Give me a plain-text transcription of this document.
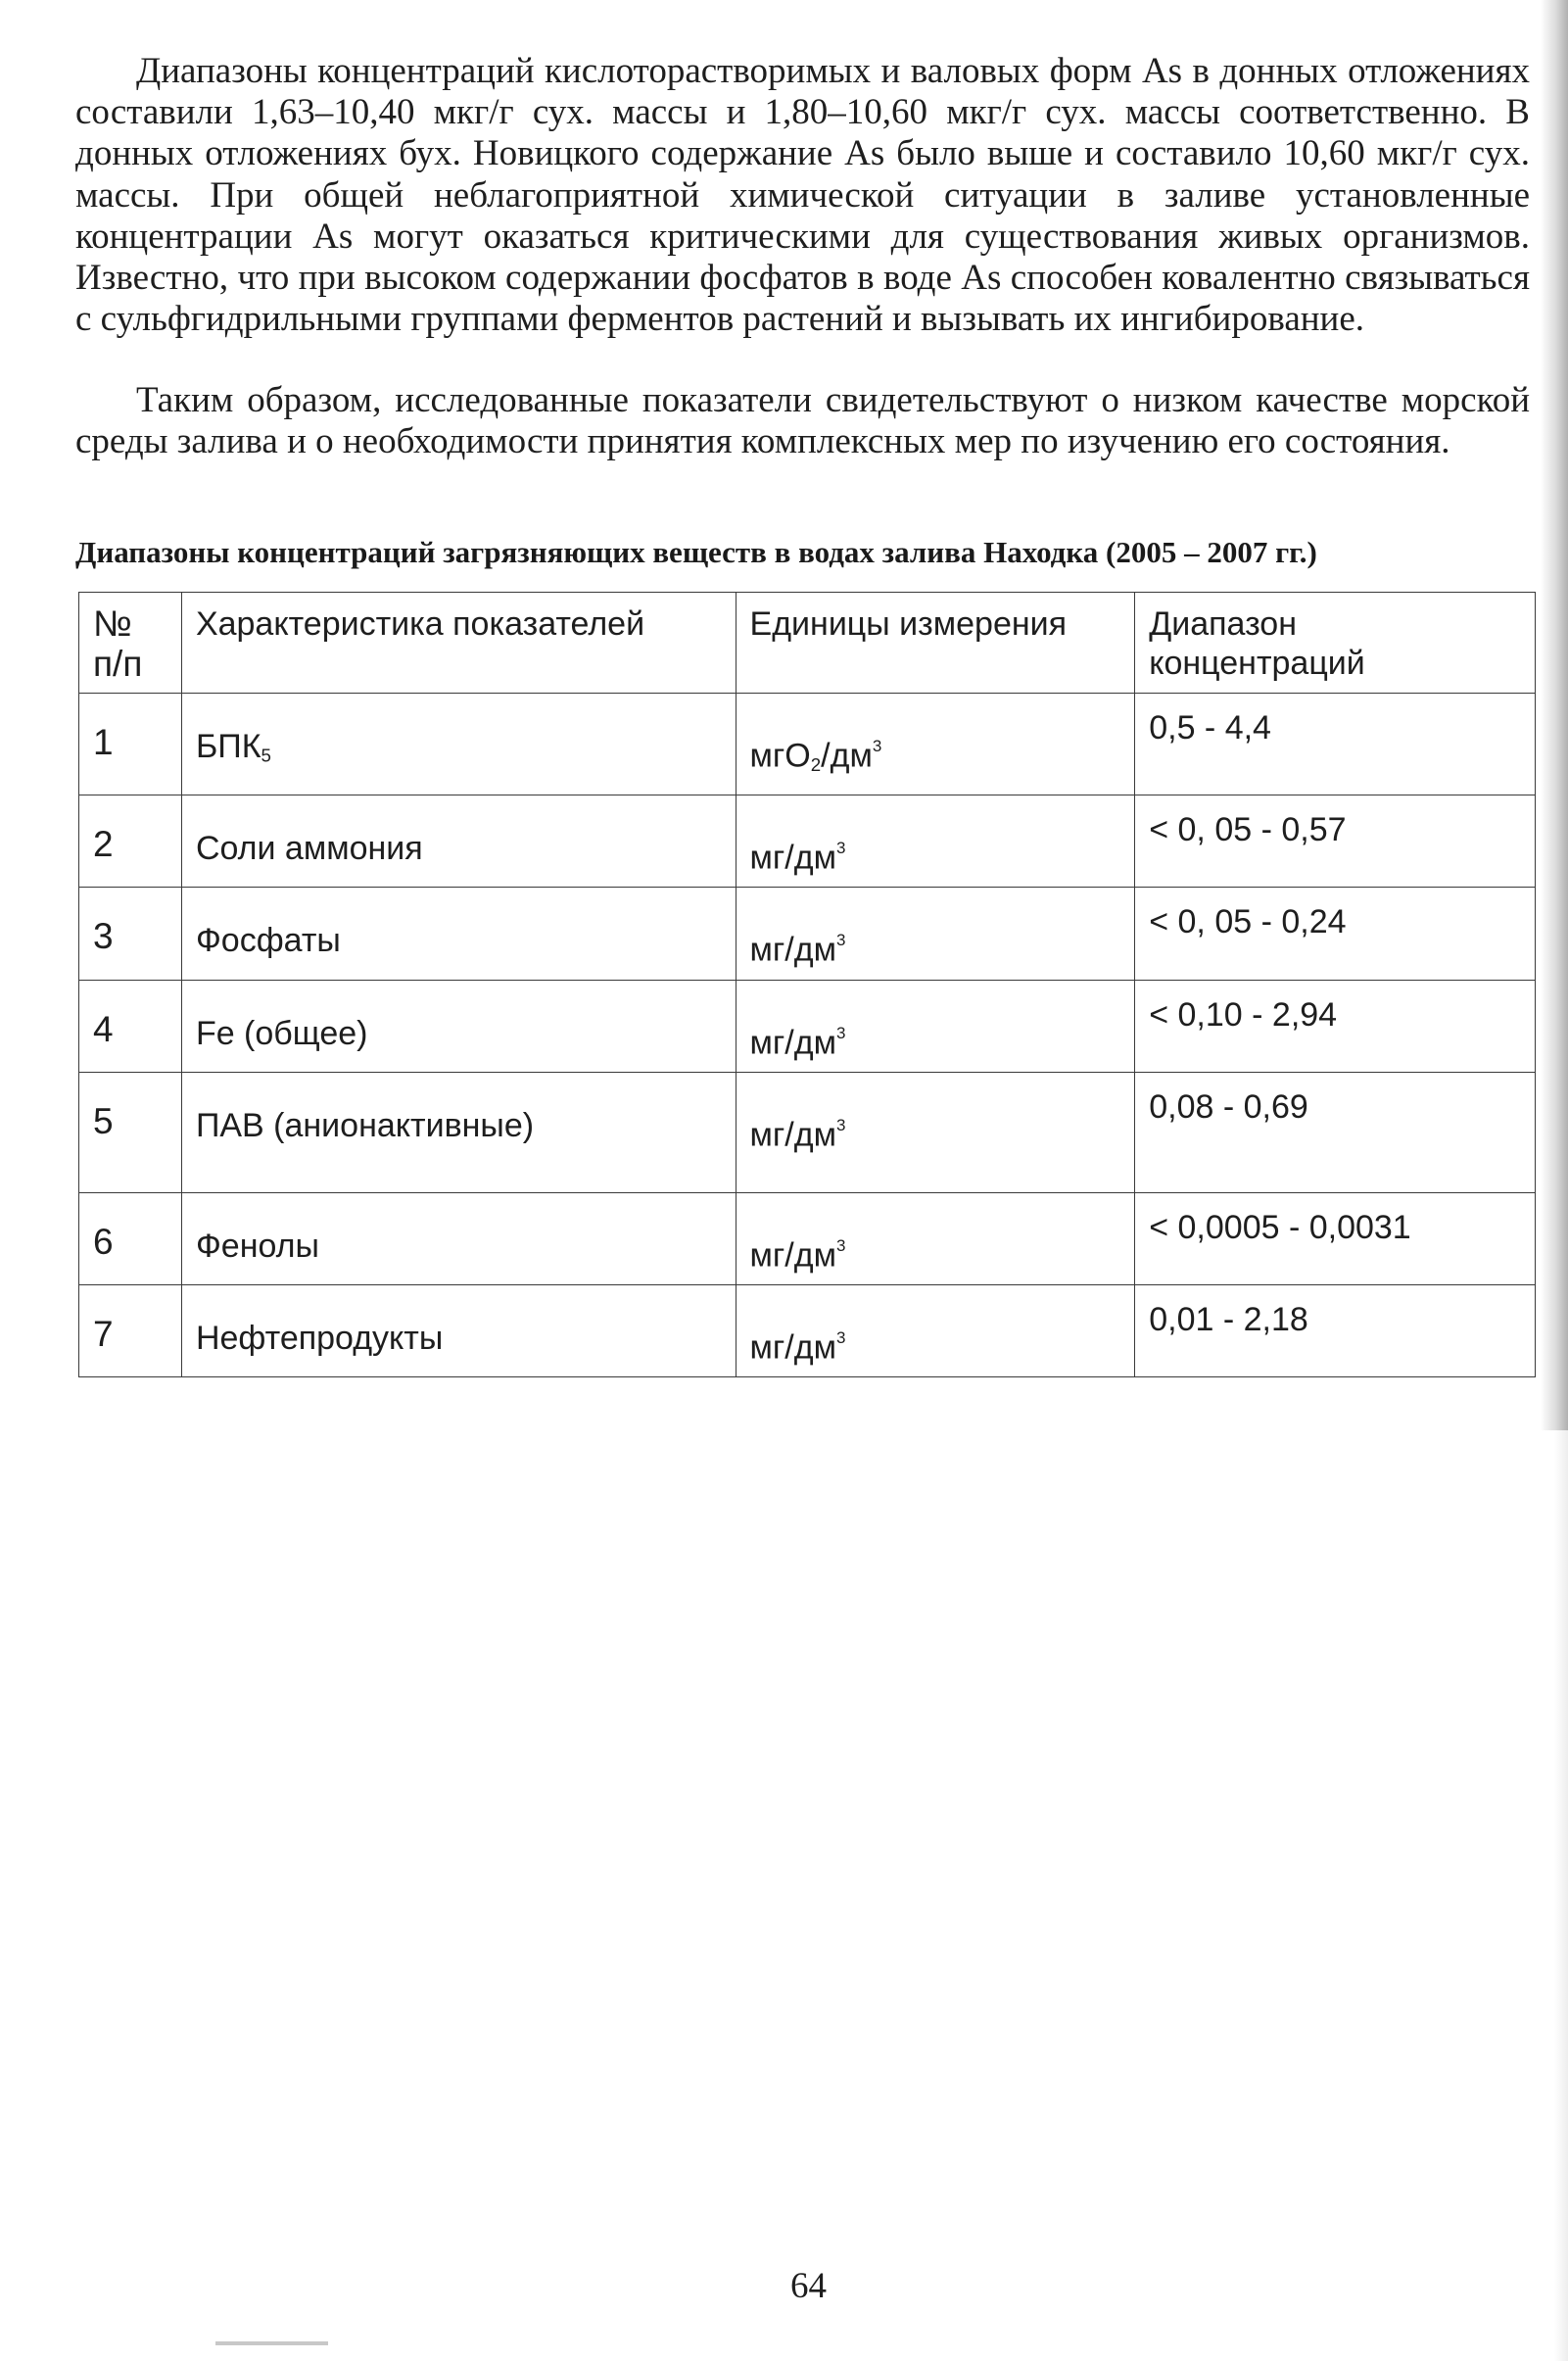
Диапазоны концентраций кислоторастворимых и валовых форм As в донных отложениях составили 1,63–10,40 мкг/г сух. массы и 1,80–10,60 мкг/г сух. массы соответственно. В донных отложениях бух. Новицкого содержание As было выше и составило 10,60 мкг/г сух. массы. При общей неблагоприятной химической ситуации в заливе установленные концентрации As могут оказаться критическими для существования живых организмов. Известно, что при высоком содержании фосфатов в воде As способен ковалентно связываться с сульфгидрильными группами ферментов растений и вызывать их ингибирование.

Таким образом, исследованные показатели свидетельствуют о низком качестве морской среды залива и о необходимости принятия комплексных мер по изучению его состояния.

Диапазоны концентраций загрязняющих веществ в водах залива Находка (2005 – 2007 гг.)
№ п/п	Характеристика показателей	Единицы измерения	Диапазон концентраций
1	$БПК_5$	$мгО_2/дм^3$	0,5 - 4,4
2	Соли аммония	$мг/дм^3$	< 0, 05 - 0,57
3	Фосфаты	$мг/дм^3$	< 0, 05 - 0,24
4	Fe (общее)	$мг/дм^3$	< 0,10 - 2,94
5	ПАВ (анионактивные)	$мг/дм^3$	0,08 - 0,69
6	Фенолы	$мг/дм^3$	< 0,0005 - 0,0031
7	Нефтепродукты	$мг/дм^3$	0,01 - 2,18
64
